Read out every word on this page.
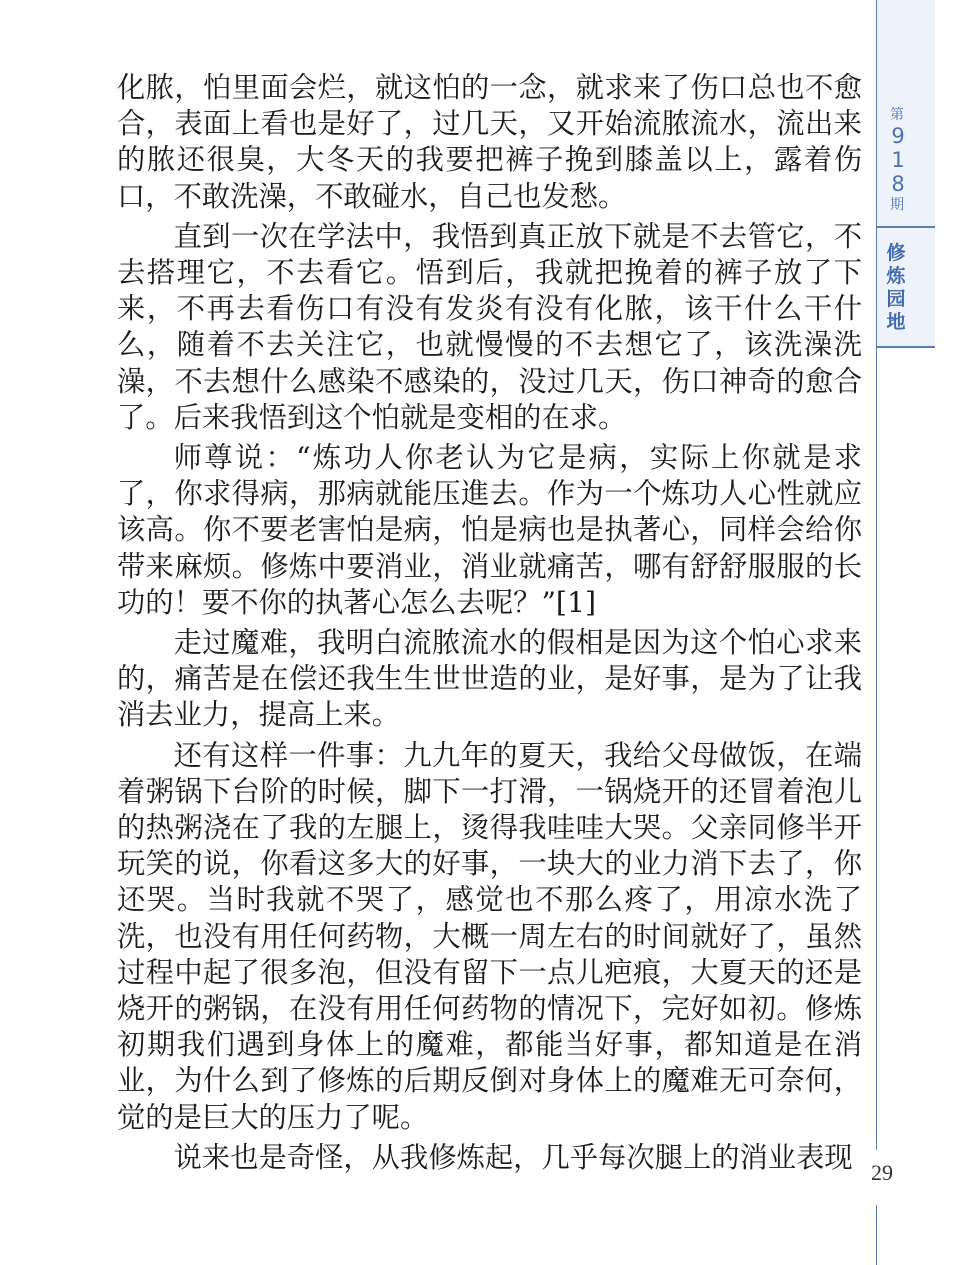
第
9
1
8
期
修
炼
园
地

化脓，怕里面会烂，就这怕的一念，就求来了伤口总也不愈合，表面上看也是好了，过几天，又开始流脓流水，流出来的脓还很臭，大冬天的我要把裤子挽到膝盖以上，露着伤口，不敢洗澡，不敢碰水，自己也发愁。

直到一次在学法中，我悟到真正放下就是不去管它，不去搭理它，不去看它。悟到后，我就把挽着的裤子放了下来，不再去看伤口有没有发炎有没有化脓，该干什么干什么，随着不去关注它，也就慢慢的不去想它了，该洗澡洗澡，不去想什么感染不感染的，没过几天，伤口神奇的愈合了。后来我悟到这个怕就是变相的在求。

师尊说：“炼功人你老认为它是病，实际上你就是求了，你求得病，那病就能压進去。作为一个炼功人心性就应该高。你不要老害怕是病，怕是病也是执著心，同样会给你带来麻烦。修炼中要消业，消业就痛苦，哪有舒舒服服的长功的！要不你的执著心怎么去呢？”[1]

走过魔难，我明白流脓流水的假相是因为这个怕心求来的，痛苦是在偿还我生生世世造的业，是好事，是为了让我消去业力，提高上来。

还有这样一件事：九九年的夏天，我给父母做饭，在端着粥锅下台阶的时候，脚下一打滑，一锅烧开的还冒着泡儿的热粥浇在了我的左腿上，烫得我哇哇大哭。父亲同修半开玩笑的说，你看这多大的好事，一块大的业力消下去了，你还哭。当时我就不哭了，感觉也不那么疼了，用凉水洗了洗，也没有用任何药物，大概一周左右的时间就好了，虽然过程中起了很多泡，但没有留下一点儿疤痕，大夏天的还是烧开的粥锅，在没有用任何药物的情况下，完好如初。修炼初期我们遇到身体上的魔难，都能当好事，都知道是在消业，为什么到了修炼的后期反倒对身体上的魔难无可奈何，觉的是巨大的压力了呢。

说来也是奇怪，从我修炼起，几乎每次腿上的消业表现 29
